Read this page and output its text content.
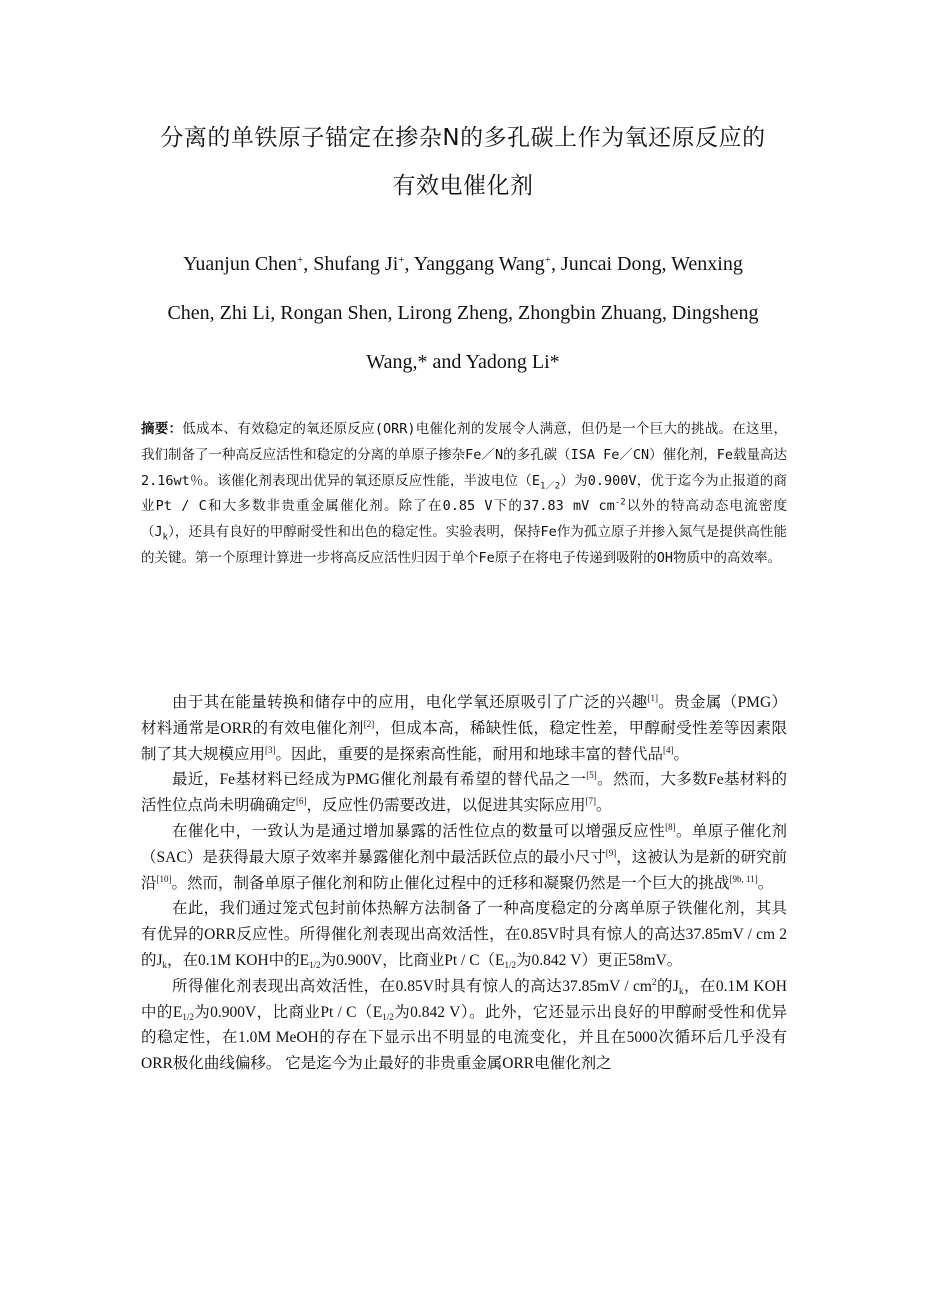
分离的单铁原子锚定在掺杂N的多孔碳上作为氧还原反应的
有效电催化剂
Yuanjun Chen+, Shufang Ji+, Yanggang Wang+, Juncai Dong, Wenxing
Chen, Zhi Li, Rongan Shen, Lirong Zheng, Zhongbin Zhuang, Dingsheng
Wang,* and Yadong Li*

摘要：低成本、有效稳定的氧还原反应(ORR)电催化剂的发展令人满意，但仍是一个巨大的挑战。在这里，我们制备了一种高反应活性和稳定的分离的单原子掺杂Fe／N的多孔碳（ISA Fe／CN）催化剂，Fe载量高达2.16wt％。该催化剂表现出优异的氧还原反应性能，半波电位$(E_{1/2})$为0.900V，优于迄今为止报道的商业Pt / C和大多数非贵重金属催化剂。除了在0.85 V下的37.83 mV $cm^{-2}$以外的特高动态电流密度$(J_k)$，还具有良好的甲醇耐受性和出色的稳定性。实验表明，保持Fe作为孤立原子并掺入氮气是提供高性能的关键。第一个原理计算进一步将高反应活性归因于单个Fe原子在将电子传递到吸附的OH物质中的高效率。

由于其在能量转换和储存中的应用，电化学氧还原吸引了广泛的兴趣[1]。贵金属（PMG）材料通常是ORR的有效电催化剂[2]，但成本高，稀缺性低，稳定性差，甲醇耐受性差等因素限制了其大规模应用[3]。因此，重要的是探索高性能，耐用和地球丰富的替代品[4]。

最近，Fe基材料已经成为PMG催化剂最有希望的替代品之一[5]。然而，大多数Fe基材料的活性位点尚未明确确定[6]，反应性仍需要改进，以促进其实际应用[7]。

在催化中，一致认为是通过增加暴露的活性位点的数量可以增强反应性[8]。单原子催化剂（SAC）是获得最大原子效率并暴露催化剂中最活跃位点的最小尺寸[9]，这被认为是新的研究前沿[10]。然而，制备单原子催化剂和防止催化过程中的迁移和凝聚仍然是一个巨大的挑战[9b, 11]。

在此，我们通过笼式包封前体热解方法制备了一种高度稳定的分离单原子铁催化剂，其具有优异的ORR反应性。所得催化剂表现出高效活性，在0.85V时具有惊人的高达37.85mV / cm 2的$J_k$，在0.1M KOH中的$E_{1/2}$为0.900V，比商业Pt / $C(E_{1/2}$为0.842 V）更正58mV。

所得催化剂表现出高效活性，在0.85V时具有惊人的高达$37.85mV / cm^2$的$J_k$，在0.1M KOH中的$E_{1/2}$为0.900V，比商业Pt / $C(E_{1/2}$为0.842 V）。此外，它还显示出良好的甲醇耐受性和优异的稳定性，在1.0M MeOH的存在下显示出不明显的电流变化，并且在5000次循环后几乎没有ORR极化曲线偏移。 它是迄今为止最好的非贵重金属ORR电催化剂之
